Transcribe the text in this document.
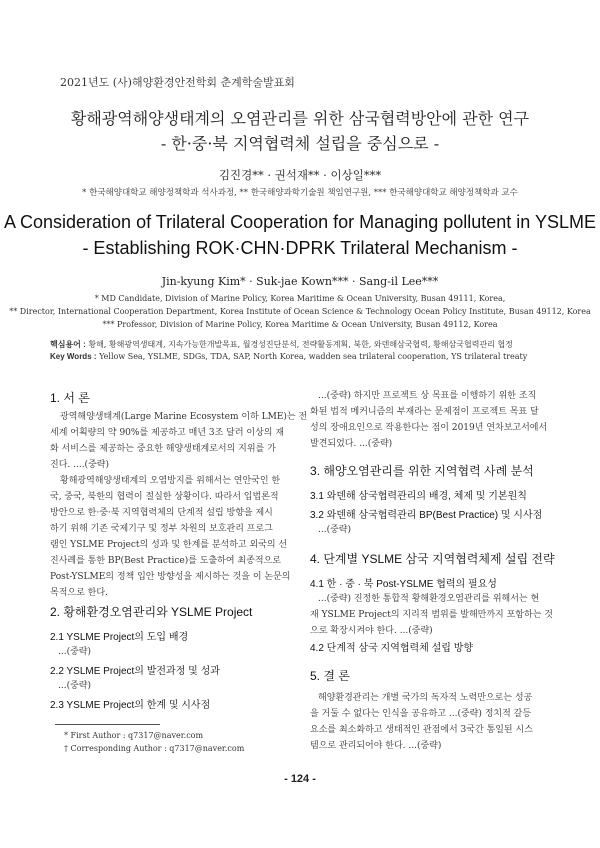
2021년도 (사)해양환경안전학회 춘계학술발표회
황해광역해양생태계의 오염관리를 위한 삼국협력방안에 관한 연구
- 한·중·북 지역협력체 설립을 중심으로 -
김진경** · 권석재** · 이상일***
* 한국해양대학교 해양정책학과 석사과정, ** 한국해양과학기술원 책임연구원, *** 한국해양대학교 해양정책학과 교수
A Consideration of Trilateral Cooperation for Managing pollutent in YSLME
- Establishing ROK·CHN·DPRK Trilateral Mechanism -
Jin-kyung Kim* · Suk-jae Kown*** · Sang-il Lee***
* MD Candidate, Division of Marine Policy, Korea Maritime & Ocean University, Busan 49111, Korea,
** Director, International Cooperation Department, Korea Institute of Ocean Science & Technology Ocean Policy Institute, Busan 49112, Korea
*** Professor, Division of Marine Policy, Korea Maritime & Ocean University, Busan 49112, Korea
핵심용어 : 황해, 황해광역생태계, 지속가능한개발목표, 월경성진단분석, 전략활동계획, 북한, 와덴해삼국협력, 황해삼국협력관리 협정
Key Words : Yellow Sea, YSLME, SDGs, TDA, SAP, North Korea, wadden sea trilateral cooperation, YS trilateral treaty
1. 서 론
광역해양생태계(Large Marine Ecosystem 이하 LME)는 전
세계 어획량의 약 90%를 제공하고 매년 3조 달러 이상의 재
화 서비스를 제공하는 중요한 해양생태계로서의 지위를 가
진다. ....(중략)
황해광역해양생태계의 오염방지를 위해서는 연안국인 한
국, 중국, 북한의 협력이 절실한 상황이다. 따라서 입법론적
방안으로 한·중·북 지역협력체의 단계적 설립 방향을 제시
하기 위해 기존 국제기구 및 정부 차원의 보호관리 프로그
램인 YSLME Project의 성과 및 한계를 분석하고 외국의 선
진사례를 통한 BP(Best Practice)를 도출하여 최종적으로
Post-YSLME의 정책 입안 방향성을 제시하는 것을 이 논문의
목적으로 한다.
2. 황해환경오염관리와 YSLME Project
2.1 YSLME Project의 도입 배경
...(중략)
2.2 YSLME Project의 발전과정 및 성과
...(중략)
2.3 YSLME Project의 한계 및 시사점
* First Author : q7317@naver.com
† Corresponding Author : q7317@naver.com
...(중략) 하지만 프로젝트 상 목표를 이행하기 위한 조직
화된 법적 메커니즘의 부재라는 문제점이 프로젝트 목표 달
성의 장애요인으로 작용한다는 점이 2019년 연차보고서에서
발견되었다. ...(중략)
3. 해양오염관리를 위한 지역협력 사례 분석
3.1 와덴해 삼국협력관리의 배경, 체제 및 기본원칙
3.2 와덴해 삼국협력관리 BP(Best Practice) 및 시사점
...(중략)
4. 단계별 YSLME 삼국 지역협력체제 설립 전략
4.1 한 · 중 · 북 Post-YSLME 협력의 필요성
...(중략) 진정한 통합적 황해환경오염관리를 위해서는 현
재 YSLME Project의 지리적 범위를 발해만까지 포함하는 것
으로 확장시켜야 한다. ...(중략)
4.2 단계적 삼국 지역협력체 설립 방향
5. 결 론
해양환경관리는 개별 국가의 독자적 노력만으로는 성공
을 거둘 수 없다는 인식을 공유하고 ...(중략) 정치적 갈등
요소를 최소화하고 생태적인 관점에서 3국간 통일된 시스
템으로 관리되어야 한다. ...(중략)
- 124 -
